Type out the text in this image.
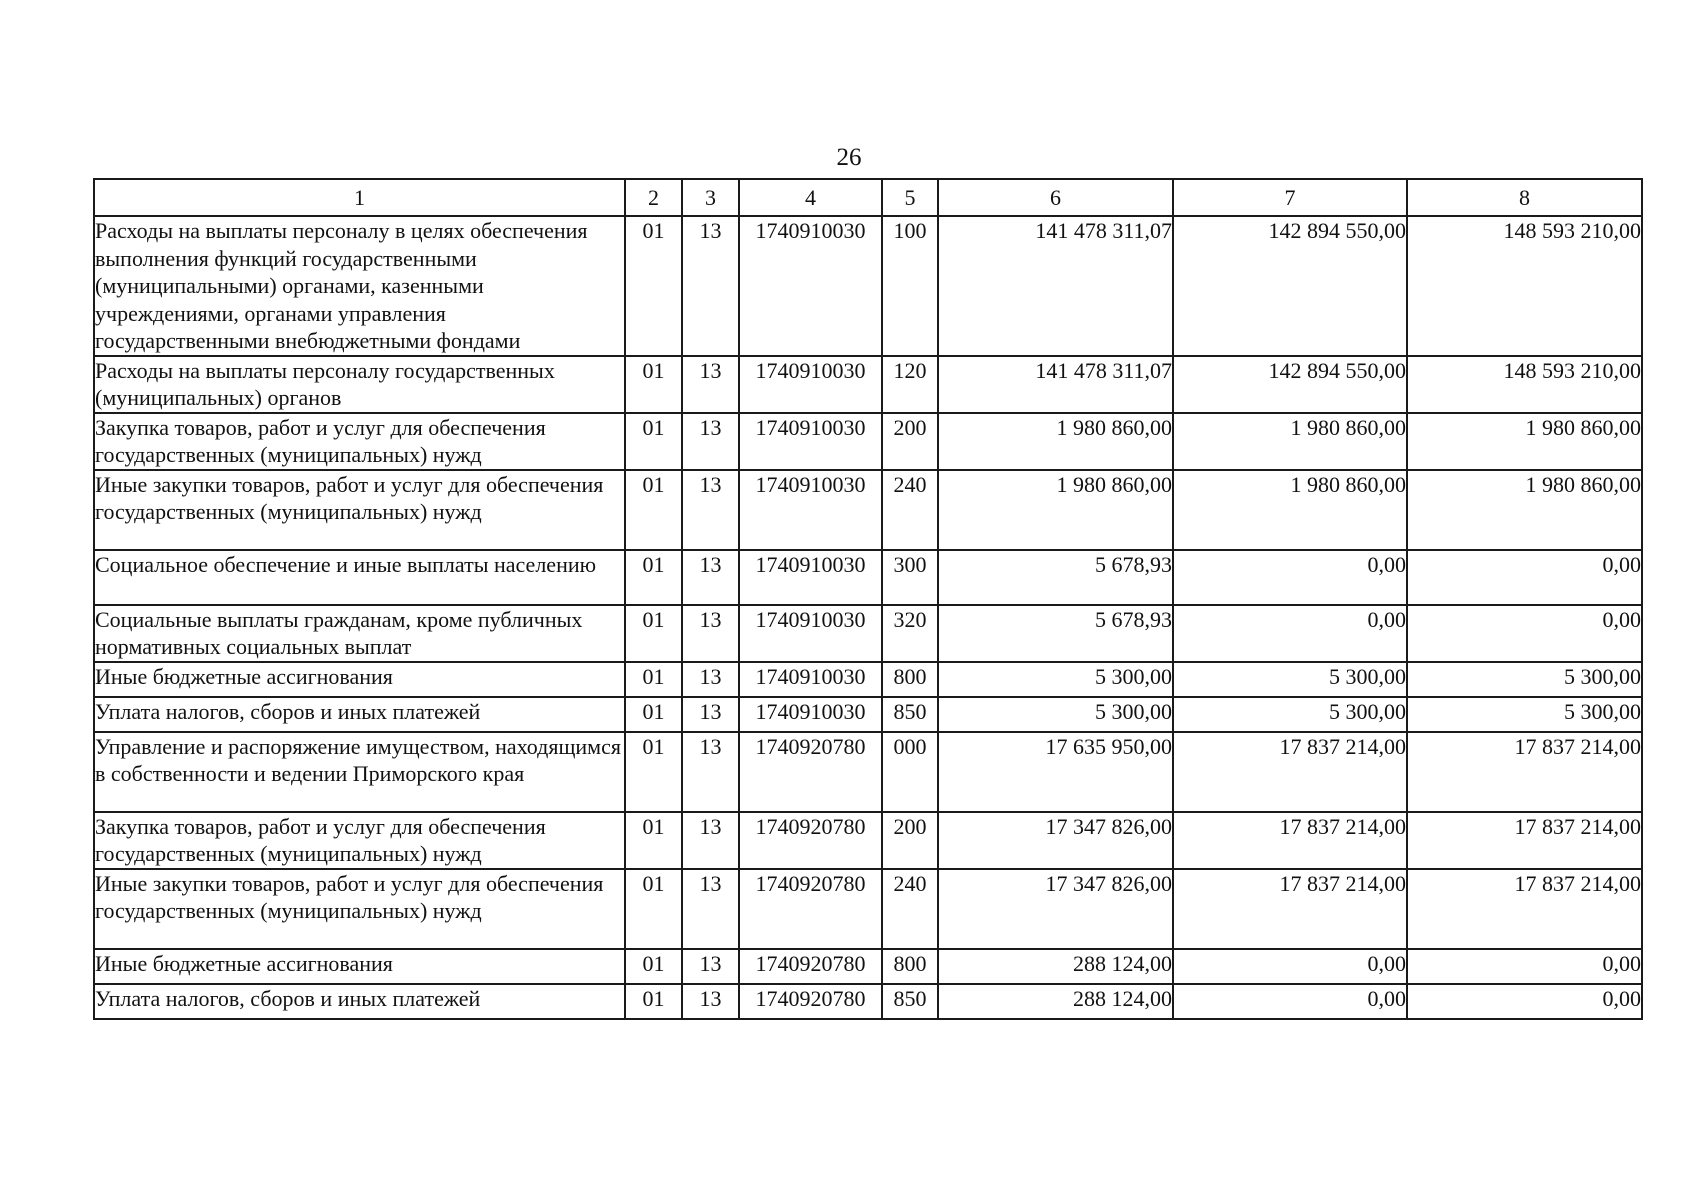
26
1	2	3	4	5	6	7	8
Расходы на выплаты персоналу в целях обеспечения выполнения функций государственными (муниципальными) органами, казенными учреждениями, органами управления государственными внебюджетными фондами	01	13	1740910030	100	141 478 311,07	142 894 550,00	148 593 210,00
Расходы на выплаты персоналу государственных (муниципальных) органов	01	13	1740910030	120	141 478 311,07	142 894 550,00	148 593 210,00
Закупка товаров, работ и услуг для обеспечения государственных (муниципальных) нужд	01	13	1740910030	200	1 980 860,00	1 980 860,00	1 980 860,00
Иные закупки товаров, работ и услуг для обеспечения государственных (муниципальных) нужд	01	13	1740910030	240	1 980 860,00	1 980 860,00	1 980 860,00
Социальное обеспечение и иные выплаты населению	01	13	1740910030	300	5 678,93	0,00	0,00
Социальные выплаты гражданам, кроме публичных нормативных социальных выплат	01	13	1740910030	320	5 678,93	0,00	0,00
Иные бюджетные ассигнования	01	13	1740910030	800	5 300,00	5 300,00	5 300,00
Уплата налогов, сборов и иных платежей	01	13	1740910030	850	5 300,00	5 300,00	5 300,00
Управление и распоряжение имуществом, находящимся в собственности и ведении Приморского края	01	13	1740920780	000	17 635 950,00	17 837 214,00	17 837 214,00
Закупка товаров, работ и услуг для обеспечения государственных (муниципальных) нужд	01	13	1740920780	200	17 347 826,00	17 837 214,00	17 837 214,00
Иные закупки товаров, работ и услуг для обеспечения государственных (муниципальных) нужд	01	13	1740920780	240	17 347 826,00	17 837 214,00	17 837 214,00
Иные бюджетные ассигнования	01	13	1740920780	800	288 124,00	0,00	0,00
Уплата налогов, сборов и иных платежей	01	13	1740920780	850	288 124,00	0,00	0,00
